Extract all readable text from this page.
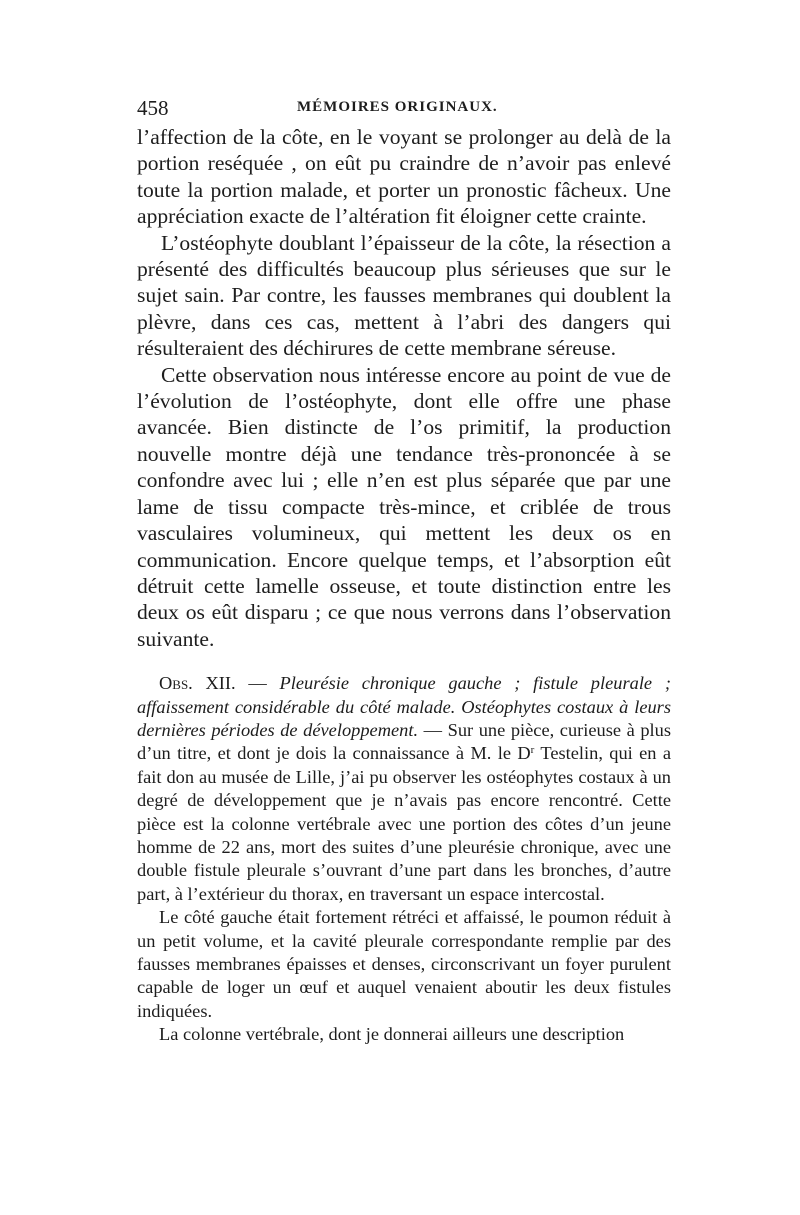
458	MÉMOIRES ORIGINAUX.

l’affection de la côte, en le voyant se prolonger au delà de la portion reséquée , on eût pu craindre de n’avoir pas enlevé toute la portion malade, et porter un pronostic fâcheux. Une appréciation exacte de l’altération fit éloigner cette crainte.

L’ostéophyte doublant l’épaisseur de la côte, la résection a présenté des difficultés beaucoup plus sérieuses que sur le sujet sain. Par contre, les fausses membranes qui doublent la plèvre, dans ces cas, mettent à l’abri des dangers qui résulteraient des déchirures de cette membrane séreuse.

Cette observation nous intéresse encore au point de vue de l’évolution de l’ostéophyte, dont elle offre une phase avancée. Bien distincte de l’os primitif, la production nouvelle montre déjà une tendance très-prononcée à se confondre avec lui ; elle n’en est plus séparée que par une lame de tissu compacte très-mince, et criblée de trous vasculaires volumineux, qui mettent les deux os en communication. Encore quelque temps, et l’absorption eût détruit cette lamelle osseuse, et toute distinction entre les deux os eût disparu ; ce que nous verrons dans l’observation suivante.

Obs. XII. — Pleurésie chronique gauche ; fistule pleurale ; affaissement considérable du côté malade. Ostéophytes costaux à leurs dernières périodes de développement. — Sur une pièce, curieuse à plus d’un titre, et dont je dois la connaissance à M. le $D^r$ Testelin, qui en a fait don au musée de Lille, j’ai pu observer les ostéophytes costaux à un degré de développement que je n’avais pas encore rencontré. Cette pièce est la colonne vertébrale avec une portion des côtes d’un jeune homme de 22 ans, mort des suites d’une pleurésie chronique, avec une double fistule pleurale s’ouvrant d’une part dans les bronches, d’autre part, à l’extérieur du thorax, en traversant un espace intercostal.

Le côté gauche était fortement rétréci et affaissé, le poumon réduit à un petit volume, et la cavité pleurale correspondante remplie par des fausses membranes épaisses et denses, circonscrivant un foyer purulent capable de loger un œuf et auquel venaient aboutir les deux fistules indiquées.

La colonne vertébrale, dont je donnerai ailleurs une description
